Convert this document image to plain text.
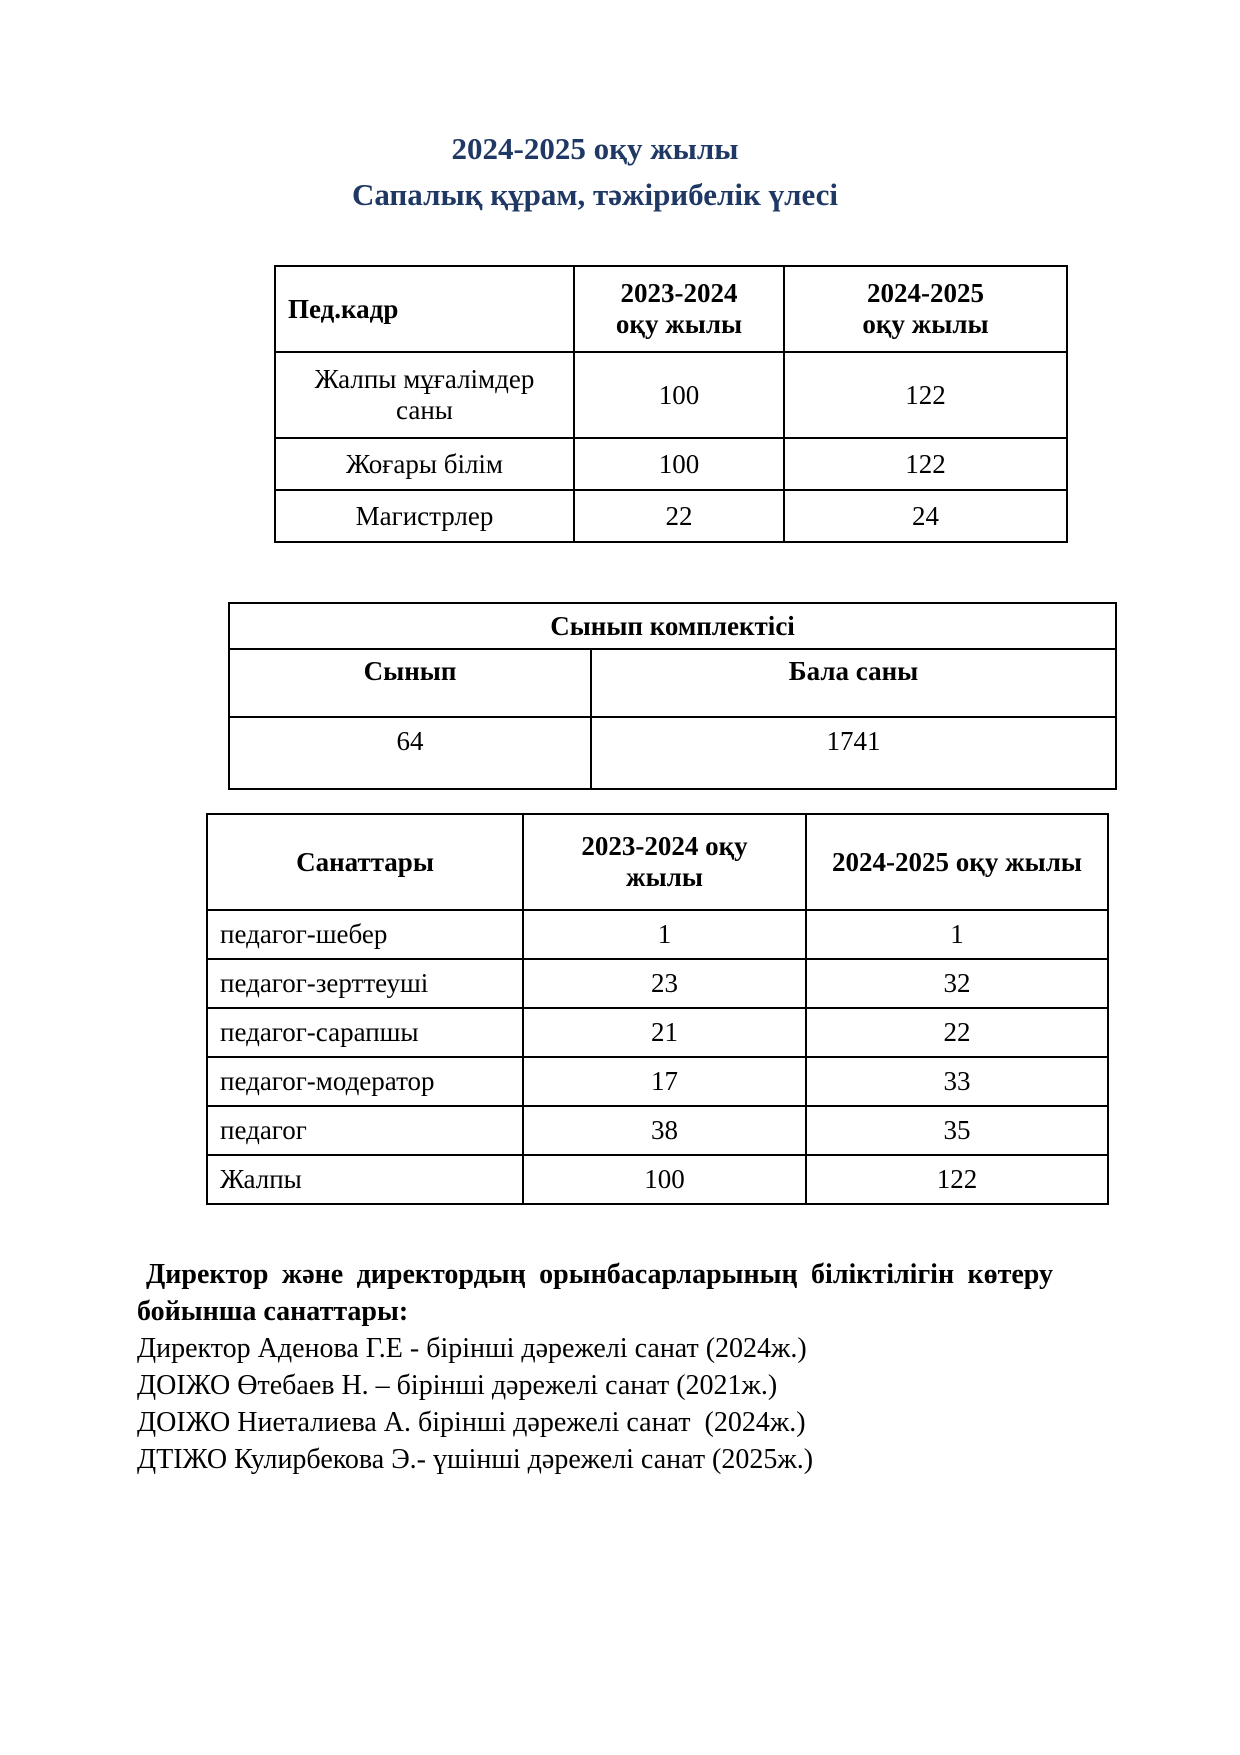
2024-2025 оқу жылы
Сапалық құрам, тәжірибелік үлесі
Пед.кадр	2023-2024 оқу жылы	2024-2025 оқу жылы
Жалпы мұғалімдер саны	100	122
Жоғары білім	100	122
Магистрлер	22	24
Сынып комплектісі	
Сынып	Бала саны
64	1741
Санаттары	2023-2024 оқу жылы	2024-2025 оқу жылы
педагог-шебер	1	1
педагог-зерттеуші	23	32
педагог-сарапшы	21	22
педагог-модератор	17	33
педагог	38	35
Жалпы	100	122
Директор және директордың орынбасарларының біліктілігін көтеру
бойынша санаттары:
Директор Аденова Г.Е - бірінші дәрежелі санат (2024ж.)
ДОІЖО Өтебаев Н. – бірінші дәрежелі санат (2021ж.)
ДОІЖО Ниеталиева А. бірінші дәрежелі санат  (2024ж.)
ДТІЖО Кулирбекова Э.- үшінші дәрежелі санат (2025ж.)
